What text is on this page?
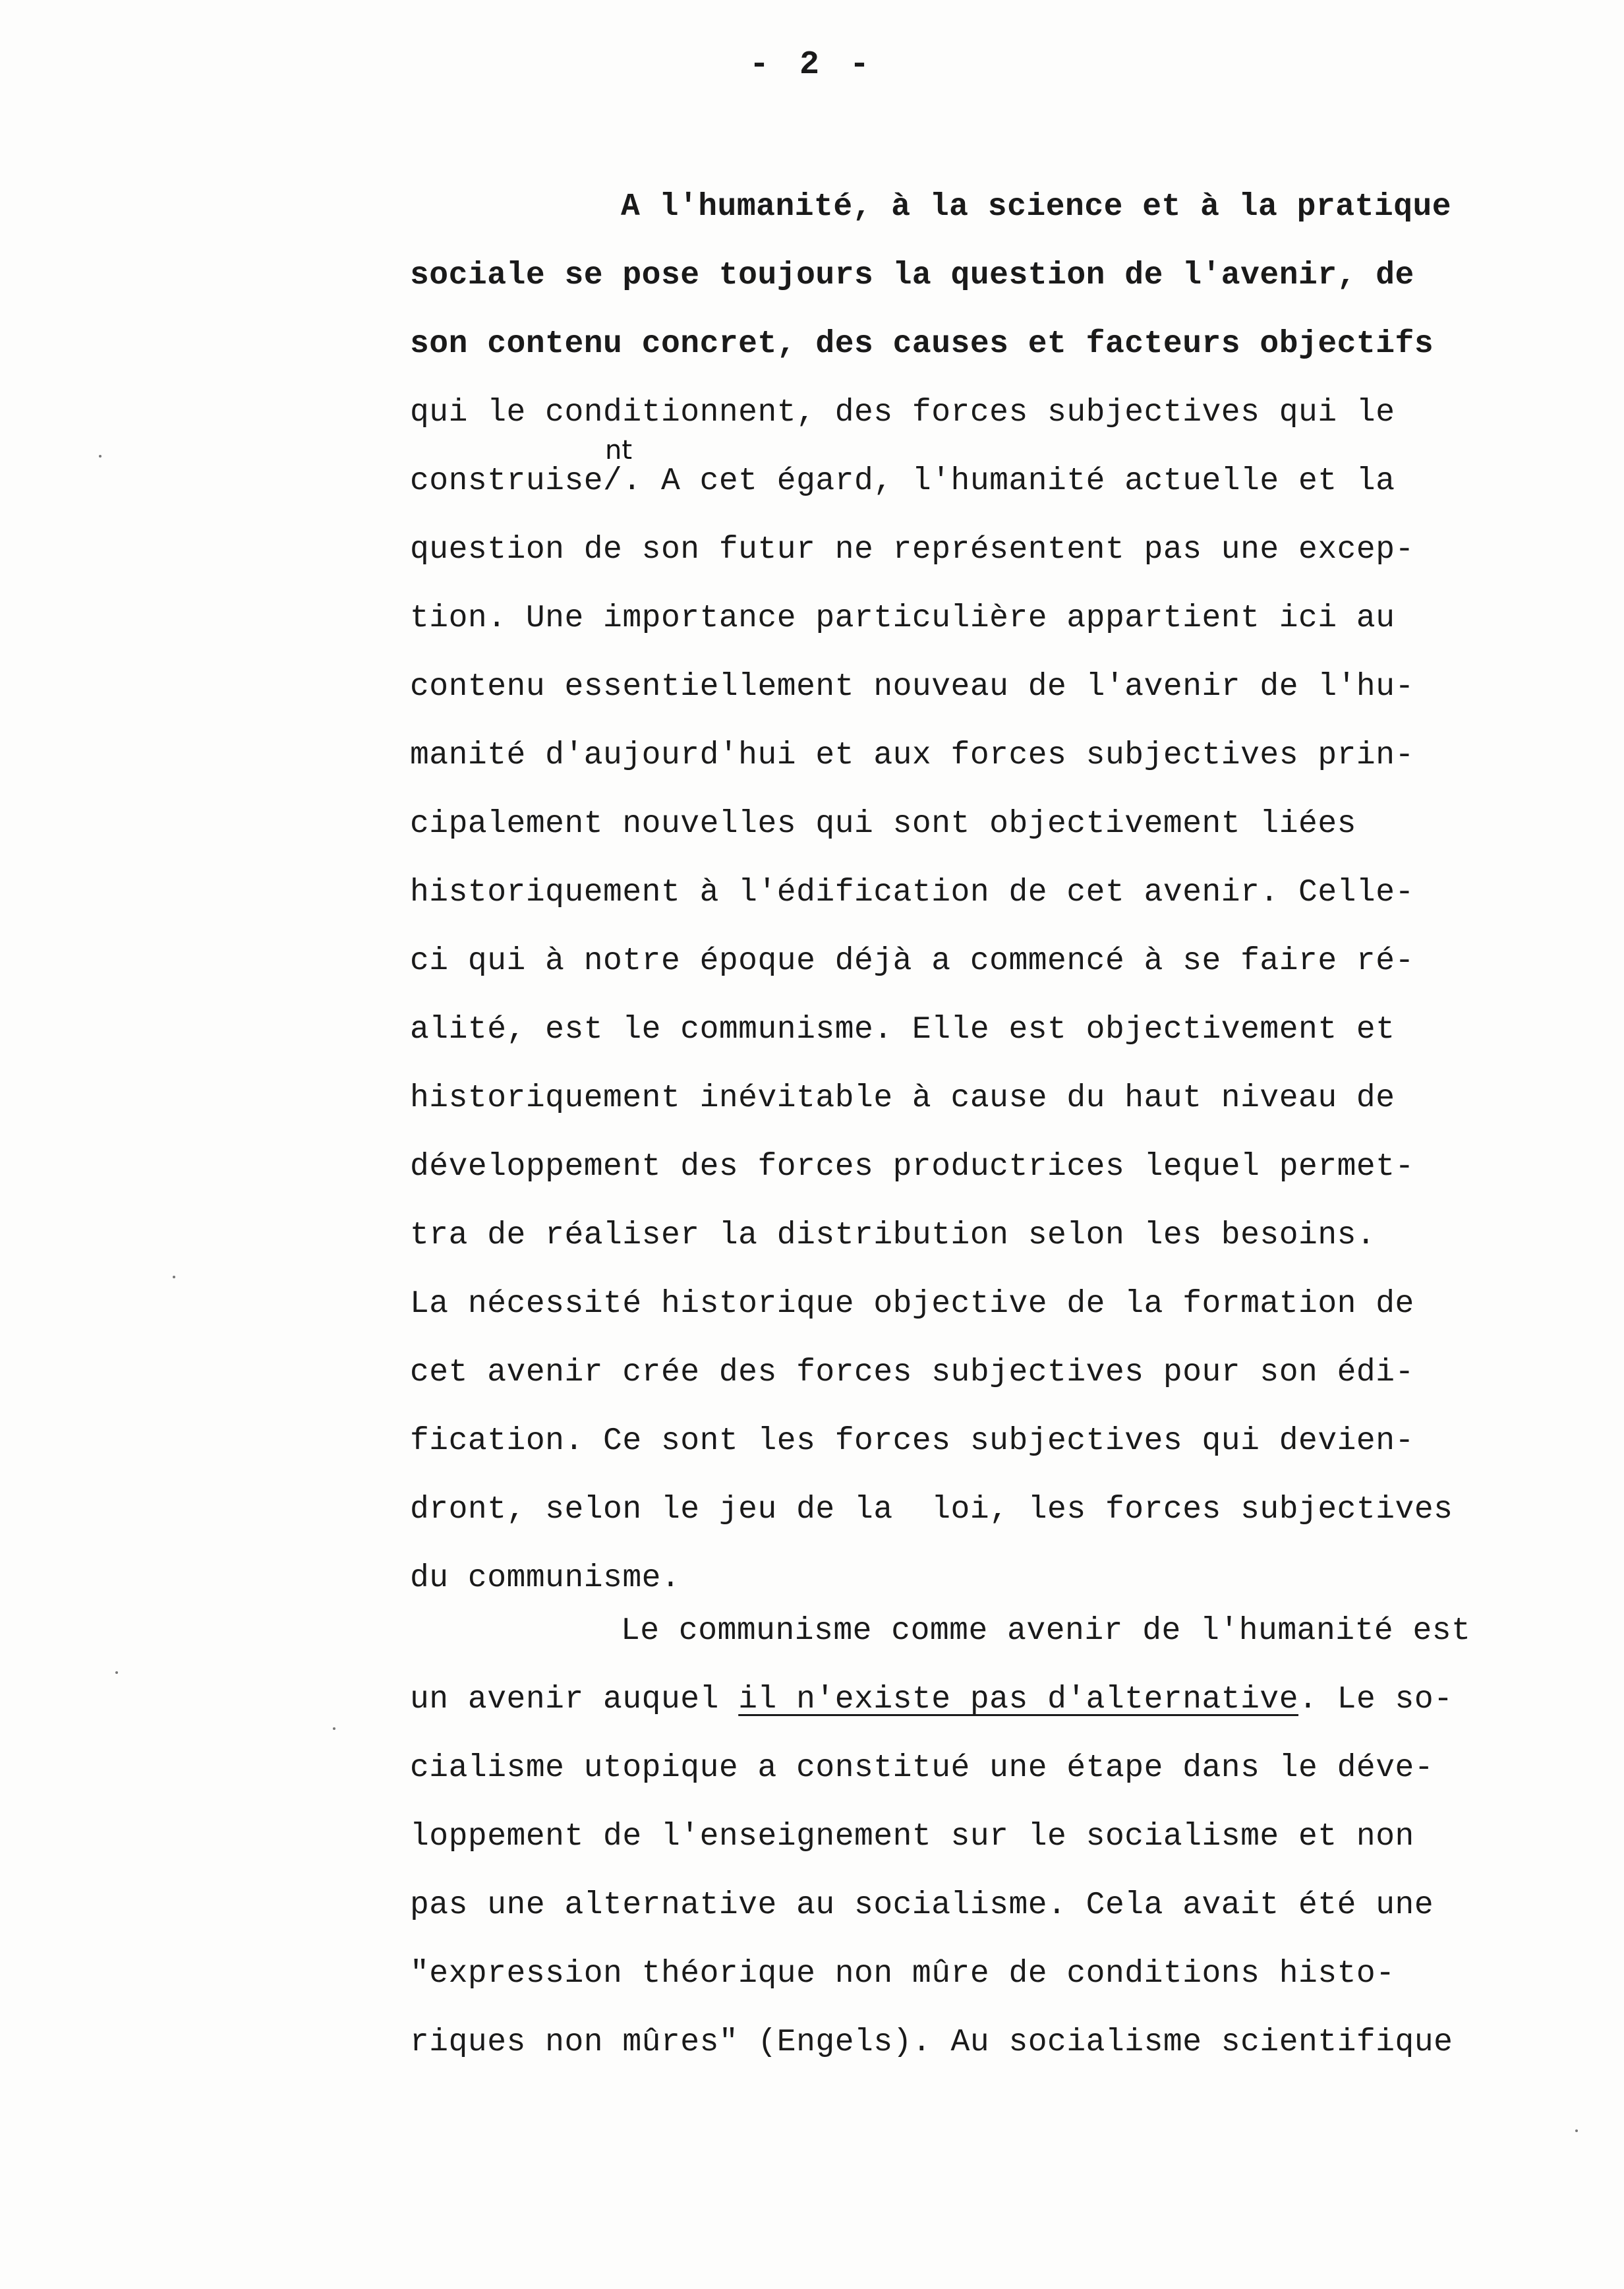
- 2 -
A l'humanité, à la science et à la pratique
sociale se pose toujours la question de l'avenir, de
son contenu concret, des causes et facteurs objectifs
qui le conditionnent, des forces subjectives qui le
construise/. A cet égard, l'humanité actuelle et la
question de son futur ne représentent pas une excep-
tion. Une importance particulière appartient ici au
contenu essentiellement nouveau de l'avenir de l'hu-
manité d'aujourd'hui et aux forces subjectives prin-
cipalement nouvelles qui sont objectivement liées
historiquement à l'édification de cet avenir. Celle-
ci qui à notre époque déjà a commencé à se faire ré-
alité, est le communisme. Elle est objectivement et
historiquement inévitable à cause du haut niveau de
développement des forces productrices lequel permet-
tra de réaliser la distribution selon les besoins.
La nécessité historique objective de la formation de
cet avenir crée des forces subjectives pour son édi-
fication. Ce sont les forces subjectives qui devien-
dront, selon le jeu de la  loi, les forces subjectives
du communisme.
nt
Le communisme comme avenir de l'humanité est
un avenir auquel il n'existe pas d'alternative. Le so-
cialisme utopique a constitué une étape dans le déve-
loppement de l'enseignement sur le socialisme et non
pas une alternative au socialisme. Cela avait été une
"expression théorique non mûre de conditions histo-
riques non mûres" (Engels). Au socialisme scientifique
